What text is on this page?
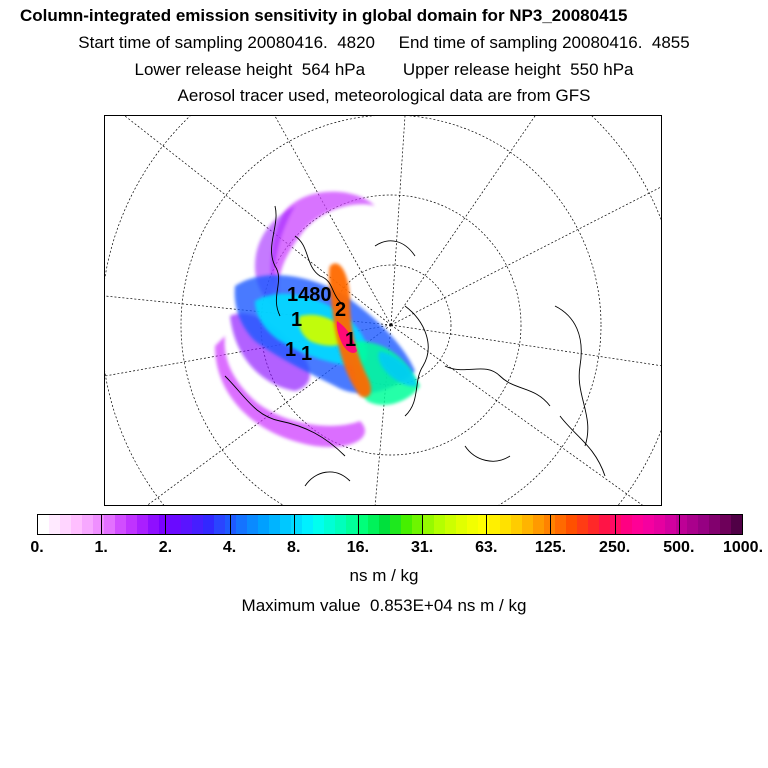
Column-integrated emission sensitivity in global domain for NP3_20080415
Start time of sampling 20080416.  4820     End time of sampling 20080416.  4855
Lower release height  564 hPa        Upper release height  550 hPa
Aerosol tracer used, meteorological data are from GFS
1480
2
1
1 1
1
0.	1.	2.	4.	8.	16.	31.	63. 125. 250. 500. 1000.
ns m / kg
Maximum value  0.853E+04 ns m / kg
